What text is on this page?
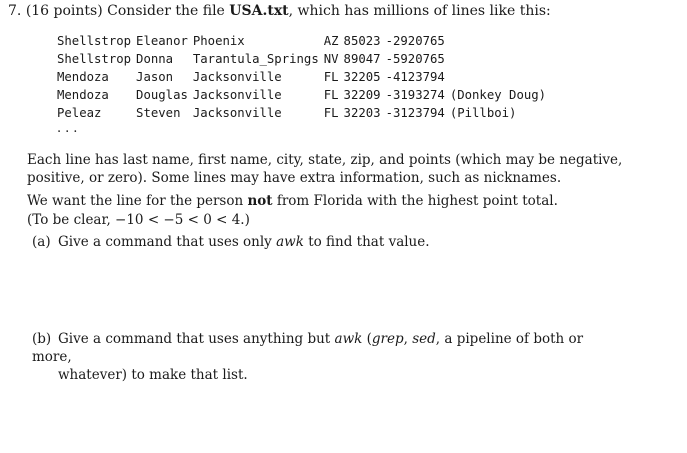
7. (16 points) Consider the file USA.txt, which has millions of lines like this:
Shellstrop	Eleanor	Phoenix	AZ	85023	-2920765	
Shellstrop	Donna	Tarantula_Springs	NV	89047	-5920765	
Mendoza	Jason	Jacksonville	FL	32205	-4123794	
Mendoza	Douglas	Jacksonville	FL	32209	-3193274	(Donkey Doug)
Peleaz	Steven	Jacksonville	FL	32203	-3123794	(Pillboi)
...
Each line has last name, first name, city, state, zip, and points (which may be negative, positive, or zero). Some lines may have extra information, such as nicknames.
We want the line for the person not from Florida with the highest point total.
(To be clear, −10 < −5 < 0 < 4.)
(a) Give a command that uses only awk to find that value.
(b) Give a command that uses anything but awk (grep, sed, a pipeline of both or more,
whatever) to make that list.
